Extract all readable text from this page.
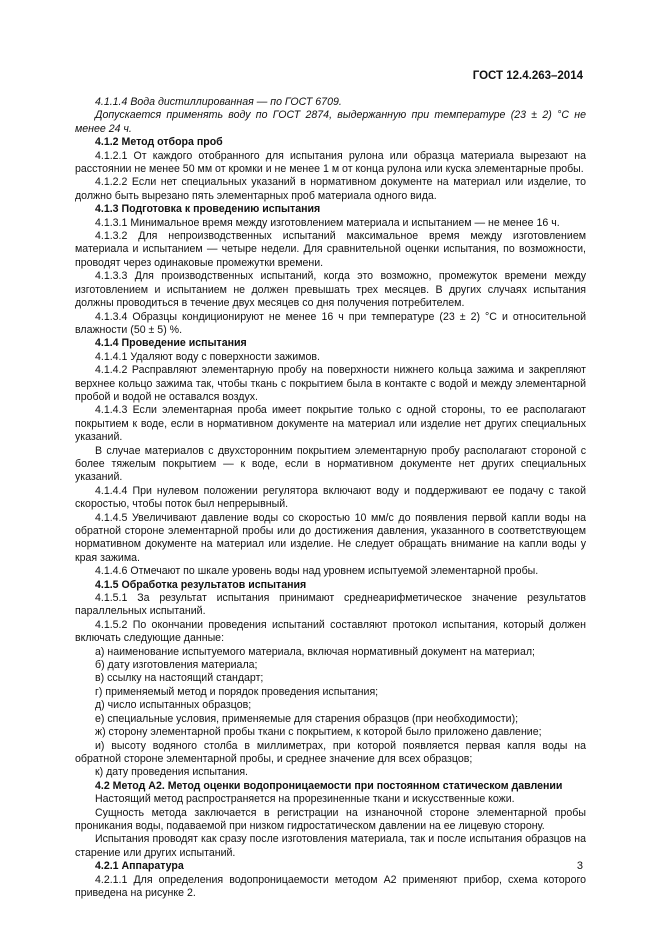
ГОСТ 12.4.263–2014

4.1.1.4 Вода дистиллированная — по ГОСТ 6709.

Допускается применять воду по ГОСТ 2874, выдержанную при температуре (23 ± 2) °С не менее 24 ч.

4.1.2 Метод отбора проб

4.1.2.1 От каждого отобранного для испытания рулона или образца материала вырезают на расстоянии не менее 50 мм от кромки и не менее 1 м от конца рулона или куска элементарные пробы.

4.1.2.2 Если нет специальных указаний в нормативном документе на материал или изделие, то должно быть вырезано пять элементарных проб материала одного вида.

4.1.3 Подготовка к проведению испытания

4.1.3.1 Минимальное время между изготовлением материала и испытанием — не менее 16 ч.

4.1.3.2 Для непроизводственных испытаний максимальное время между изготовлением материала и испытанием — четыре недели. Для сравнительной оценки испытания, по возможности, проводят через одинаковые промежутки времени.

4.1.3.3 Для производственных испытаний, когда это возможно, промежуток времени между изготовлением и испытанием не должен превышать трех месяцев. В других случаях испытания должны проводиться в течение двух месяцев со дня получения потребителем.

4.1.3.4 Образцы кондиционируют не менее 16 ч при температуре (23 ± 2) °С и относительной влажности (50 ± 5) %.

4.1.4 Проведение испытания

4.1.4.1 Удаляют воду с поверхности зажимов.

4.1.4.2 Расправляют элементарную пробу на поверхности нижнего кольца зажима и закрепляют верхнее кольцо зажима так, чтобы ткань с покрытием была в контакте с водой и между элементарной пробой и водой не оставался воздух.

4.1.4.3 Если элементарная проба имеет покрытие только с одной стороны, то ее располагают покрытием к воде, если в нормативном документе на материал или изделие нет других специальных указаний.

В случае материалов с двухсторонним покрытием элементарную пробу располагают стороной с более тяжелым покрытием — к воде, если в нормативном документе нет других специальных указаний.

4.1.4.4 При нулевом положении регулятора включают воду и поддерживают ее подачу с такой скоростью, чтобы поток был непрерывный.

4.1.4.5 Увеличивают давление воды со скоростью 10 мм/с до появления первой капли воды на обратной стороне элементарной пробы или до достижения давления, указанного в соответствующем нормативном документе на материал или изделие. Не следует обращать внимание на капли воды у края зажима.

4.1.4.6 Отмечают по шкале уровень воды над уровнем испытуемой элементарной пробы.

4.1.5 Обработка результатов испытания

4.1.5.1 За результат испытания принимают среднеарифметическое значение результатов параллельных испытаний.

4.1.5.2 По окончании проведения испытаний составляют протокол испытания, который должен включать следующие данные:

а) наименование испытуемого материала, включая нормативный документ на материал;

б) дату изготовления материала;

в) ссылку на настоящий стандарт;

г) применяемый метод и порядок проведения испытания;

д) число испытанных образцов;

е) специальные условия, применяемые для старения образцов (при необходимости);

ж) сторону элементарной пробы ткани с покрытием, к которой было приложено давление;

и) высоту водяного столба в миллиметрах, при которой появляется первая капля воды на обратной стороне элементарной пробы, и среднее значение для всех образцов;

к) дату проведения испытания.

4.2 Метод А2. Метод оценки водопроницаемости при постоянном статическом давлении

Настоящий метод распространяется на прорезиненные ткани и искусственные кожи.

Сущность метода заключается в регистрации на изнаночной стороне элементарной пробы проникания воды, подаваемой при низком гидростатическом давлении на ее лицевую сторону.

Испытания проводят как сразу после изготовления материала, так и после испытания образцов на старение или других испытаний.

4.2.1 Аппаратура

4.2.1.1 Для определения водопроницаемости методом А2 применяют прибор, схема которого приведена на рисунке 2.

3
